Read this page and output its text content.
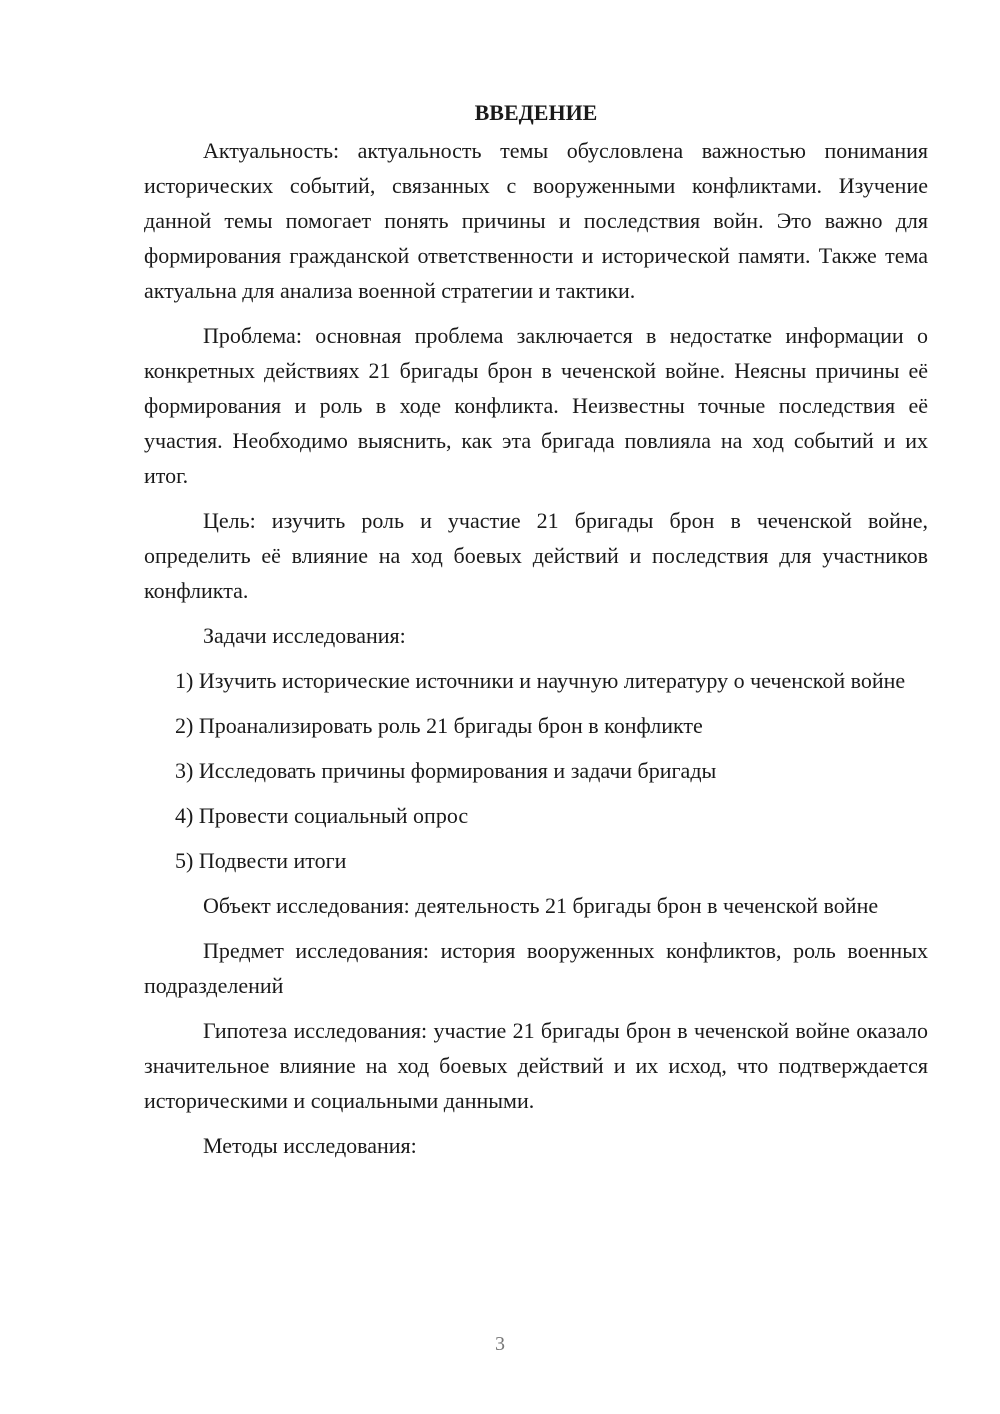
ВВЕДЕНИЕ

Актуальность: актуальность темы обусловлена важностью понимания исторических событий, связанных с вооруженными конфликтами. Изучение данной темы помогает понять причины и последствия войн. Это важно для формирования гражданской ответственности и исторической памяти. Также тема актуальна для анализа военной стратегии и тактики.

Проблема: основная проблема заключается в недостатке информации о конкретных действиях 21 бригады брон в чеченской войне. Неясны причины её формирования и роль в ходе конфликта. Неизвестны точные последствия её участия. Необходимо выяснить, как эта бригада повлияла на ход событий и их итог.

Цель: изучить роль и участие 21 бригады брон в чеченской войне, определить её влияние на ход боевых действий и последствия для участников конфликта.

Задачи исследования:

1) Изучить исторические источники и научную литературу о чеченской войне

2) Проанализировать роль 21 бригады брон в конфликте

3) Исследовать причины формирования и задачи бригады

4) Провести социальный опрос

5) Подвести итоги

Объект исследования: деятельность 21 бригады брон в чеченской войне

Предмет исследования: история вооруженных конфликтов, роль военных подразделений

Гипотеза исследования: участие 21 бригады брон в чеченской войне оказало значительное влияние на ход боевых действий и их исход, что подтверждается историческими и социальными данными.

Методы исследования:

3
